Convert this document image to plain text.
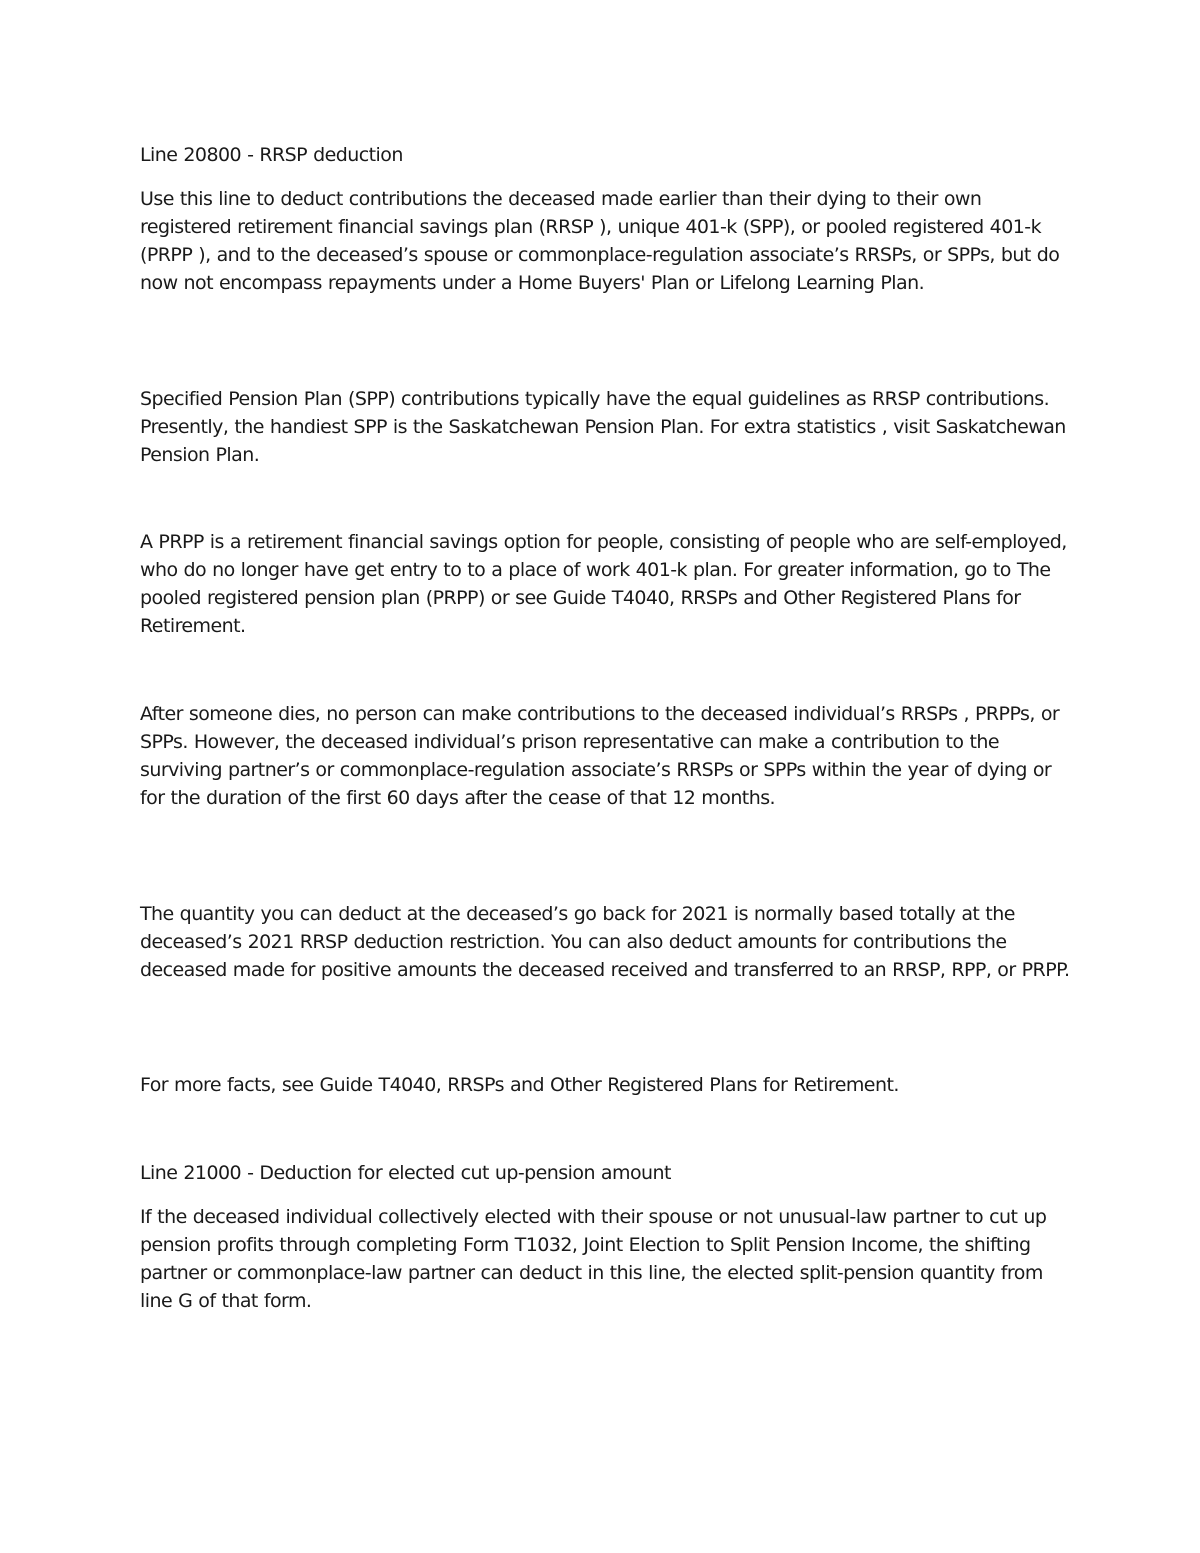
Line 20800 - RRSP deduction

Use this line to deduct contributions the deceased made earlier than their dying to their own registered retirement financial savings plan (RRSP ), unique 401-k (SPP), or pooled registered 401-k (PRPP ), and to the deceased’s spouse or commonplace-regulation associate’s RRSPs, or SPPs, but do now not encompass repayments under a Home Buyers' Plan or Lifelong Learning Plan.

Specified Pension Plan (SPP) contributions typically have the equal guidelines as RRSP contributions. Presently, the handiest SPP is the Saskatchewan Pension Plan. For extra statistics , visit Saskatchewan Pension Plan.

A PRPP is a retirement financial savings option for people, consisting of people who are self-employed, who do no longer have get entry to to a place of work 401-k plan. For greater information, go to The pooled registered pension plan (PRPP) or see Guide T4040, RRSPs and Other Registered Plans for Retirement.

After someone dies, no person can make contributions to the deceased individual’s RRSPs , PRPPs, or SPPs. However, the deceased individual’s prison representative can make a contribution to the surviving partner’s or commonplace-regulation associate’s RRSPs or SPPs within the year of dying or for the duration of the first 60 days after the cease of that 12 months.

The quantity you can deduct at the deceased’s go back for 2021 is normally based totally at the deceased’s 2021 RRSP deduction restriction. You can also deduct amounts for contributions the deceased made for positive amounts the deceased received and transferred to an RRSP, RPP, or PRPP.

For more facts, see Guide T4040, RRSPs and Other Registered Plans for Retirement.

Line 21000 - Deduction for elected cut up-pension amount

If the deceased individual collectively elected with their spouse or not unusual-law partner to cut up pension profits through completing Form T1032, Joint Election to Split Pension Income, the shifting partner or commonplace-law partner can deduct in this line, the elected split-pension quantity from line G of that form.
